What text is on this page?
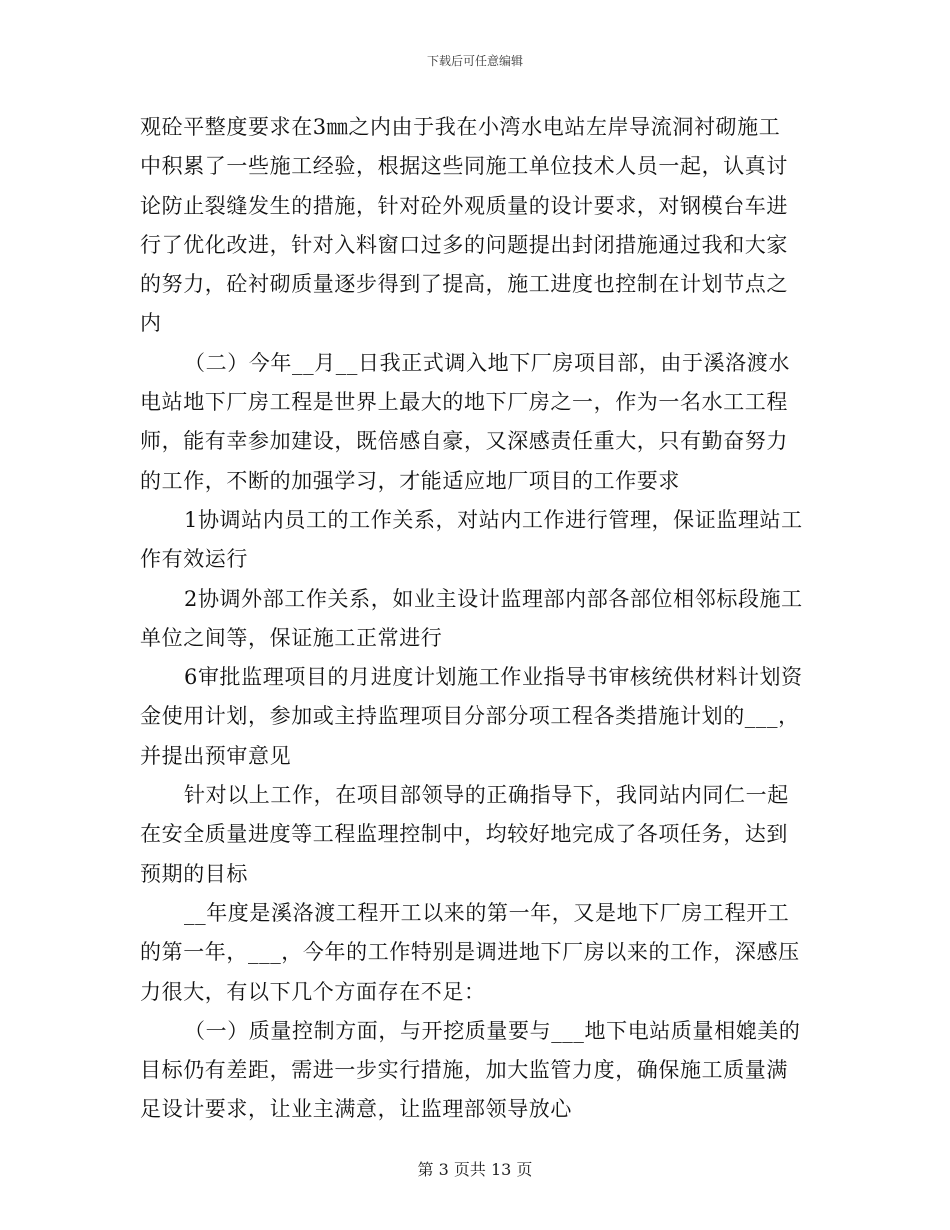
下载后可任意编辑
观砼平整度要求在3㎜之内由于我在小湾水电站左岸导流洞衬砌施工
中积累了一些施工经验，根据这些同施工单位技术人员一起，认真讨
论防止裂缝发生的措施，针对砼外观质量的设计要求，对钢模台车进
行了优化改进，针对入料窗口过多的问题提出封闭措施通过我和大家
的努力，砼衬砌质量逐步得到了提高，施工进度也控制在计划节点之
内
（二）今年__月__日我正式调入地下厂房项目部，由于溪洛渡水
电站地下厂房工程是世界上最大的地下厂房之一，作为一名水工工程
师，能有幸参加建设，既倍感自豪，又深感责任重大，只有勤奋努力
的工作，不断的加强学习，才能适应地厂项目的工作要求
1协调站内员工的工作关系，对站内工作进行管理，保证监理站工
作有效运行
2协调外部工作关系，如业主设计监理部内部各部位相邻标段施工
单位之间等，保证施工正常进行
6审批监理项目的月进度计划施工作业指导书审核统供材料计划资
金使用计划，参加或主持监理项目分部分项工程各类措施计划的___，
并提出预审意见
针对以上工作，在项目部领导的正确指导下，我同站内同仁一起
在安全质量进度等工程监理控制中，均较好地完成了各项任务，达到
预期的目标
__年度是溪洛渡工程开工以来的第一年，又是地下厂房工程开工
的第一年，___，今年的工作特别是调进地下厂房以来的工作，深感压
力很大，有以下几个方面存在不足：
（一）质量控制方面，与开挖质量要与___地下电站质量相媲美的
目标仍有差距，需进一步实行措施，加大监管力度，确保施工质量满
足设计要求，让业主满意，让监理部领导放心
第 3 页共 13 页
